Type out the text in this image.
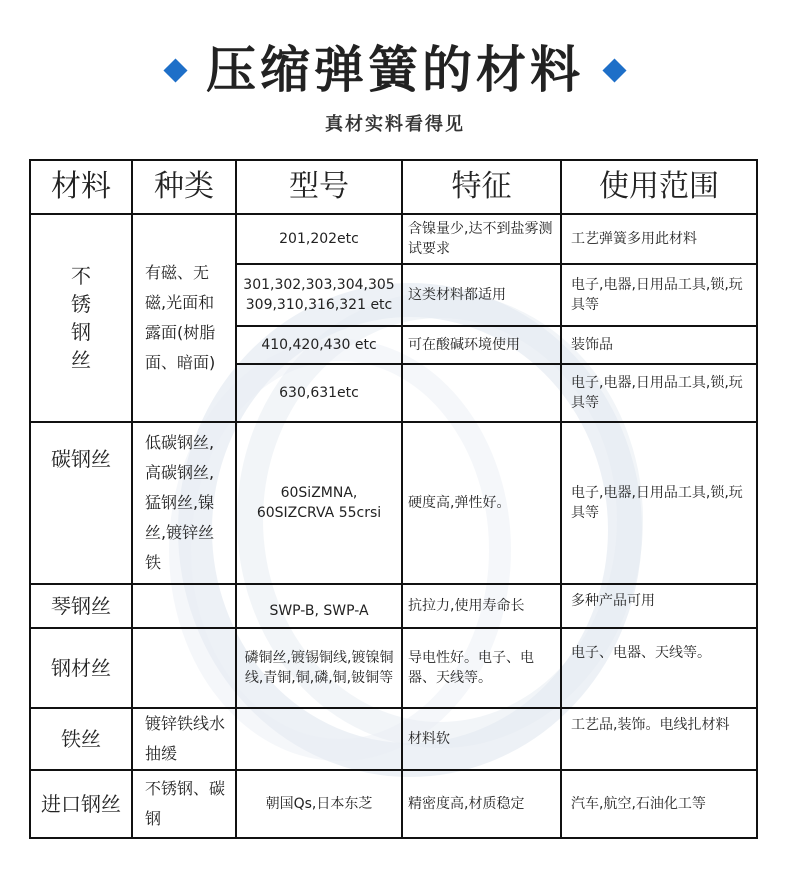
压缩弹簧的材料
真材实料看得见
材料	种类	型号	特征	使用范围

不锈钢丝	有磁、无磁,光面和露面(树脂面、暗面)	201,202etc	含镍量少,达不到盐雾测试要求	工艺弹簧多用此材料
		301,302,303,304,305 309,310,316,321 etc	这类材料都适用	电子,电器,日用品工具,锁,玩具等
		410,420,430 etc	可在酸碱环境使用	装饰品
		630,631etc		电子,电器,日用品工具,锁,玩具等
碳钢丝	低碳钢丝,高碳钢丝,猛钢丝,镍丝,镀锌丝铁	60SiZMNA, 60SIZCRVA 55crsi	硬度高,弹性好。	电子,电器,日用品工具,锁,玩具等
琴钢丝		SWP-B, SWP-A	抗拉力,使用寿命长	多种产品可用
钢材丝		磷铜丝,镀锡铜线,镀镍铜线,青铜,铜,磷,铜,铍铜等	导电性好。电子、电器、天线等。	电子、电器、天线等。
铁丝	镀锌铁线水抽缓		材料软	工艺品,装饰。电线扎材料
进口钢丝	不锈钢、碳钢	朝国Qs,日本东芝	精密度高,材质稳定	汽车,航空,石油化工等
